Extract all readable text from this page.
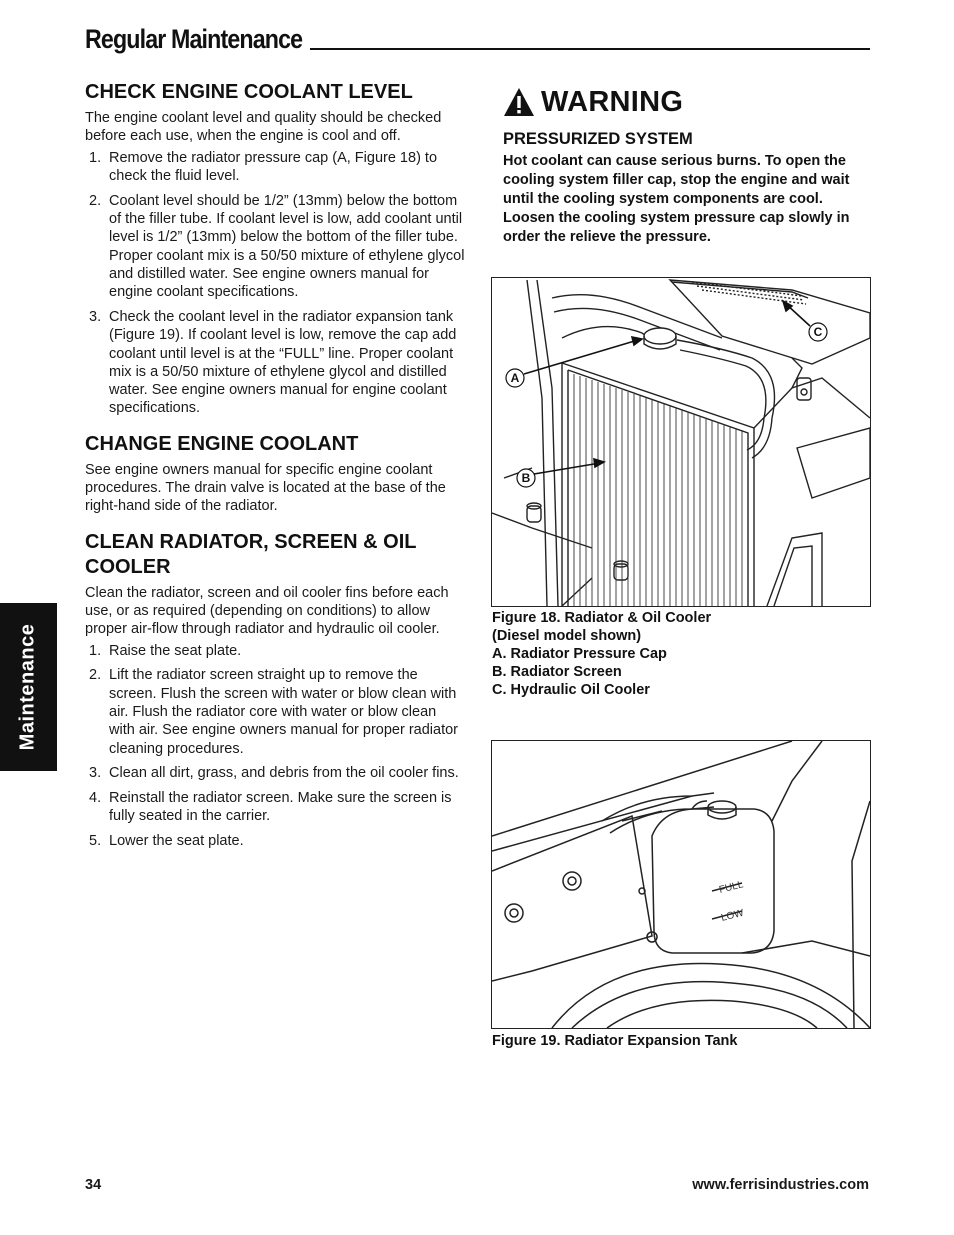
Regular Maintenance
Maintenance
CHECK ENGINE COOLANT LEVEL

The engine coolant level and quality should be checked before each use, when the engine is cool and off.

1. Remove the radiator pressure cap (A, Figure 18) to check the fluid level.
2. Coolant level should be 1/2” (13mm) below the bottom of the filler tube. If coolant level is low, add coolant until level is 1/2” (13mm) below the bottom of the filler tube. Proper coolant mix is a 50/50 mixture of ethylene glycol and distilled water. See engine owners manual for engine coolant specifications.
3. Check the coolant level in the radiator expansion tank (Figure 19). If coolant level is low, remove the cap add coolant until level is at the “FULL” line. Proper coolant mix is a 50/50 mixture of ethylene glycol and distilled water. See engine owners manual for engine coolant specifications.
CHANGE ENGINE COOLANT

See engine owners manual for specific engine coolant procedures. The drain valve is located at the base of the right-hand side of the radiator.

CLEAN RADIATOR, SCREEN & OIL COOLER

Clean the radiator, screen and oil cooler fins before each use, or as required (depending on conditions) to allow proper air-flow through radiator and hydraulic oil cooler.

1. Raise the seat plate.
2. Lift the radiator screen straight up to remove the screen. Flush the screen with water or blow clean with air. Flush the radiator core with water or blow clean with air. See engine owners manual for proper radiator cleaning procedures.
3. Clean all dirt, grass, and debris from the oil cooler fins.
4. Reinstall the radiator screen. Make sure the screen is fully seated in the carrier.
5. Lower the seat plate.
WARNING
PRESSURIZED SYSTEM
Hot coolant can cause serious burns. To open the cooling system filler cap, stop the engine and wait until the cooling system components are cool. Loosen the cooling system pressure cap slowly in order the relieve the pressure.
A
B
C
Figure 18. Radiator & Oil Cooler
(Diesel model shown)
A. Radiator Pressure Cap
B. Radiator Screen
C. Hydraulic Oil Cooler
FULL
LOW
Figure 19. Radiator Expansion Tank
34	www.ferrisindustries.com
